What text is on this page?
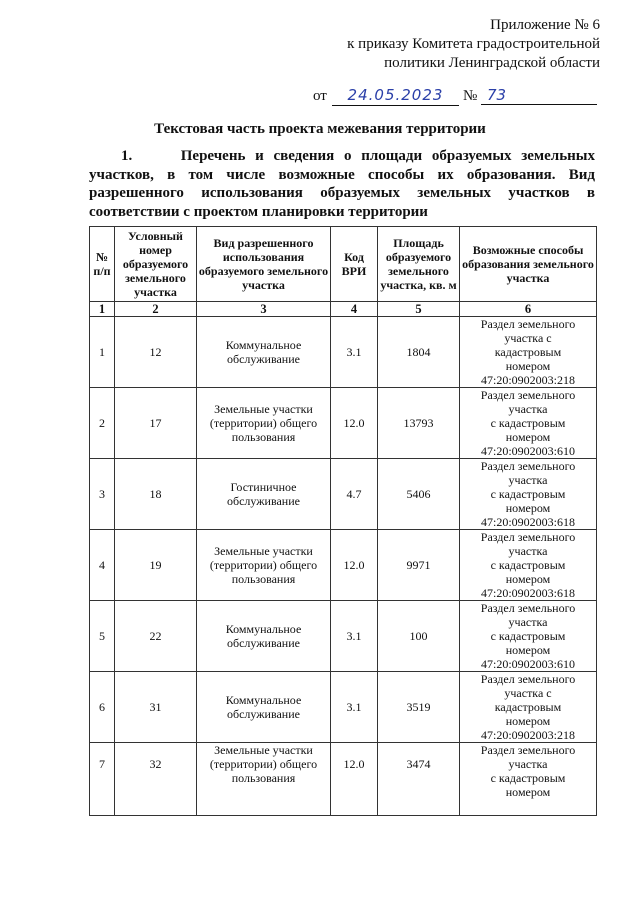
Приложение № 6
к приказу Комитета градостроительной
политики Ленинградской области
от	24.05.2023	№ 73
Текстовая часть проекта межевания территории
1.     Перечень и сведения о площади образуемых земельных участков, в том числе возможные способы их образования. Вид разрешенного использования образуемых земельных участков в соответствии с проектом планировки территории
№ п/п	Условный номер образуемого земельного участка	Вид разрешенного использования образуемого земельного участка	Код ВРИ	Площадь образуемого земельного участка, кв. м	Возможные способы образования земельного участка
1	2	3	4	5	6
1	12	Коммунальное обслуживание	3.1	1804	Раздел земельного
участка с
кадастровым
номером
47:20:0902003:218

2	17	Земельные участки (территории) общего пользования	12.0	13793	Раздел земельного
участка
с кадастровым
номером
47:20:0902003:610

3	18	Гостиничное обслуживание	4.7	5406	Раздел земельного
участка
с кадастровым
номером
47:20:0902003:618

4	19	Земельные участки (территории) общего пользования	12.0	9971	Раздел земельного
участка
с кадастровым
номером
47:20:0902003:618

5	22	Коммунальное обслуживание	3.1	100	Раздел земельного
участка
с кадастровым
номером
47:20:0902003:610

6	31	Коммунальное обслуживание	3.1	3519	Раздел земельного
участка с
кадастровым
номером
47:20:0902003:218

7	32	Земельные участки (территории) общего пользования	12.0	3474	Раздел земельного
участка
с кадастровым
номером
